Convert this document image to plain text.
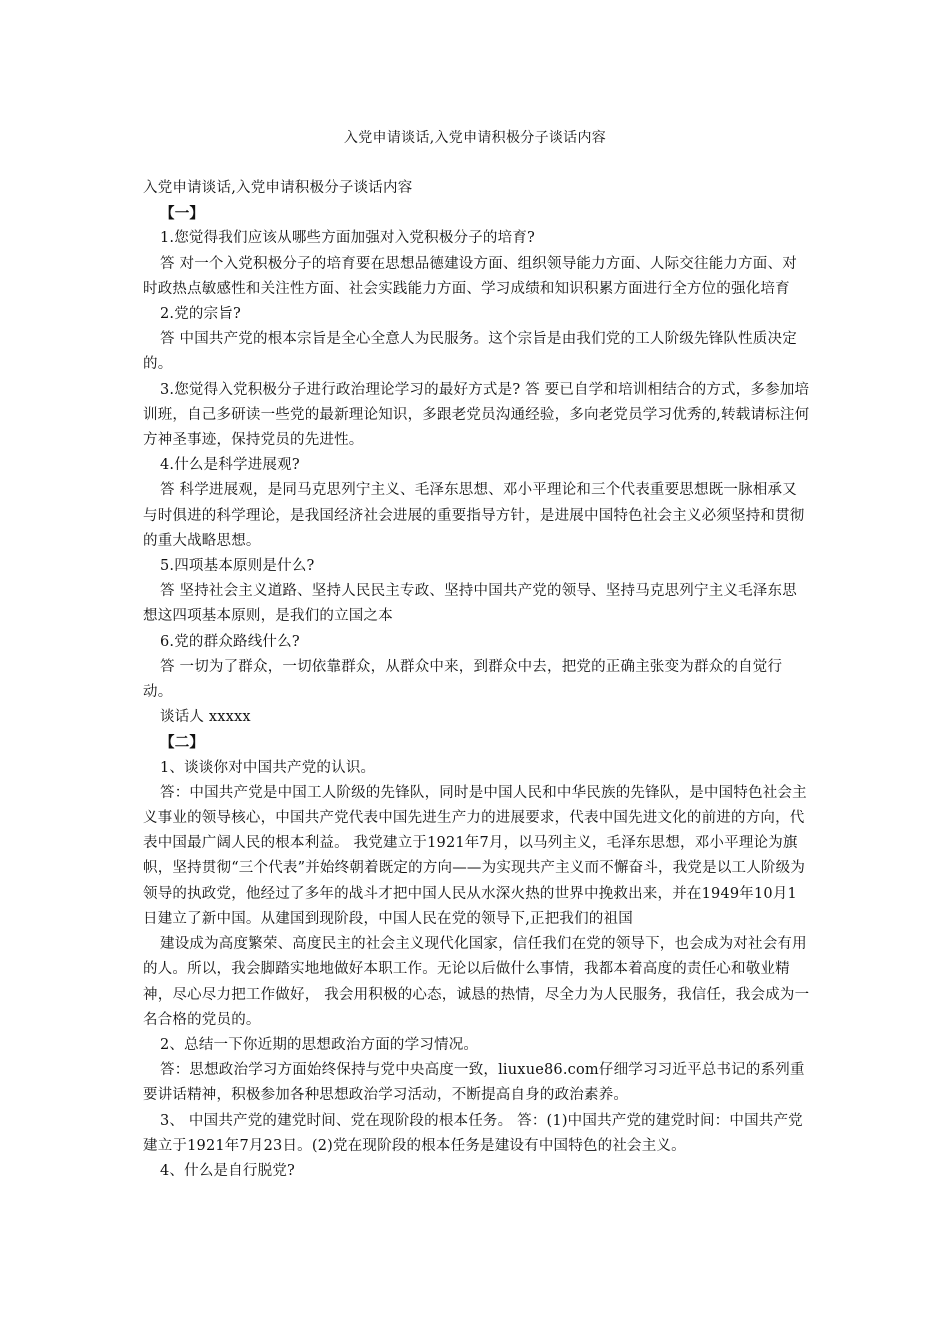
入党申请谈话,入党申请积极分子谈话内容

入党申请谈话,入党申请积极分子谈话内容

【一】

1.您觉得我们应该从哪些方面加强对入党积极分子的培育?

答 对一个入党积极分子的培育要在思想品德建设方面、组织领导能力方面、人际交往能力方面、对时政热点敏感性和关注性方面、社会实践能力方面、学习成绩和知识积累方面进行全方位的强化培育

2.党的宗旨?

答 中国共产党的根本宗旨是全心全意人为民服务。这个宗旨是由我们党的工人阶级先锋队性质决定的。

3.您觉得入党积极分子进行政治理论学习的最好方式是? 答 要已自学和培训相结合的方式，多参加培训班，自己多研读一些党的最新理论知识，多跟老党员沟通经验，多向老党员学习优秀的,转载请标注何方神圣事迹，保持党员的先进性。

4.什么是科学进展观?

答 科学进展观，是同马克思列宁主义、毛泽东思想、邓小平理论和三个代表重要思想既一脉相承又与时俱进的科学理论，是我国经济社会进展的重要指导方针，是进展中国特色社会主义必须坚持和贯彻的重大战略思想。

5.四项基本原则是什么?

答 坚持社会主义道路、坚持人民民主专政、坚持中国共产党的领导、坚持马克思列宁主义毛泽东思想这四项基本原则，是我们的立国之本

6.党的群众路线什么?

答 一切为了群众，一切依靠群众，从群众中来，到群众中去，把党的正确主张变为群众的自觉行动。

谈话人 xxxxx

【二】

1、谈谈你对中国共产党的认识。

答：中国共产党是中国工人阶级的先锋队，同时是中国人民和中华民族的先锋队，是中国特色社会主义事业的领导核心，中国共产党代表中国先进生产力的进展要求，代表中国先进文化的前进的方向，代表中国最广阔人民的根本利益。 我党建立于1921年7月，以马列主义，毛泽东思想，邓小平理论为旗帜，坚持贯彻“三个代表”并始终朝着既定的方向——为实现共产主义而不懈奋斗，我党是以工人阶级为领导的执政党，他经过了多年的战斗才把中国人民从水深火热的世界中挽救出来，并在1949年10月1日建立了新中国。从建国到现阶段，中国人民在党的领导下,正把我们的祖国

建设成为高度繁荣、高度民主的社会主义现代化国家，信任我们在党的领导下，也会成为对社会有用的人。所以，我会脚踏实地地做好本职工作。无论以后做什么事情，我都本着高度的责任心和敬业精神，尽心尽力把工作做好， 我会用积极的心态，诚恳的热情，尽全力为人民服务，我信任，我会成为一名合格的党员的。

2、总结一下你近期的思想政治方面的学习情况。

答：思想政治学习方面始终保持与党中央高度一致，liuxue86.com仔细学习习近平总书记的系列重要讲话精神，积极参加各种思想政治学习活动，不断提高自身的政治素养。

3、 中国共产党的建党时间、党在现阶段的根本任务。 答：(1)中国共产党的建党时间：中国共产党建立于1921年7月23日。(2)党在现阶段的根本任务是建设有中国特色的社会主义。

4、什么是自行脱党?
